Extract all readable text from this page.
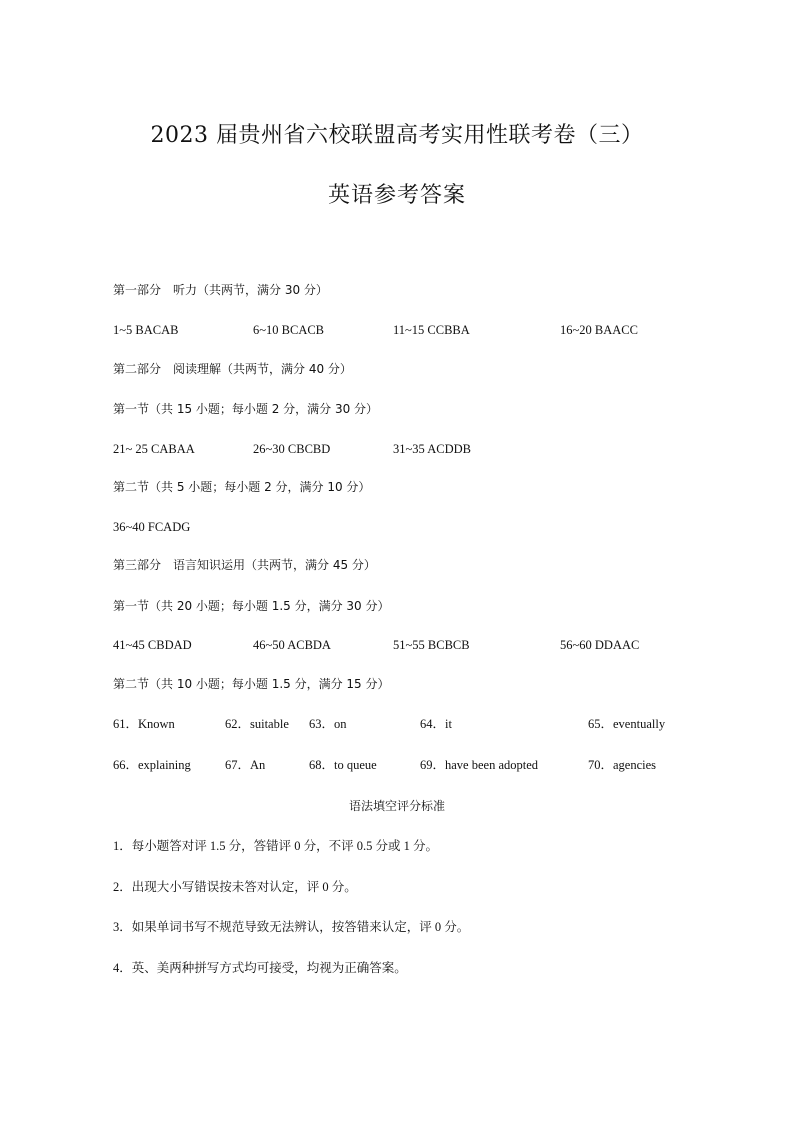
2023 届贵州省六校联盟高考实用性联考卷（三）
英语参考答案
第一部分　听力（共两节，满分 30 分）
1~5 BACAB	6~10 BCACB	11~15 CCBBA	16~20 BAACC
第二部分　阅读理解（共两节，满分 40 分）
第一节（共 15 小题；每小题 2 分，满分 30 分）
21~ 25 CABAA	26~30 CBCBD	31~35 ACDDB
第二节（共 5 小题；每小题 2 分，满分 10 分）
36~40 FCADG
第三部分　语言知识运用（共两节，满分 45 分）
第一节（共 20 小题；每小题 1.5 分，满分 30 分）
41~45 CBDAD	46~50 ACBDA	51~55 BCBCB	56~60 DDAAC
第二节（共 10 小题；每小题 1.5 分，满分 15 分）
61．Known	62．suitable 63．on	64．it	65．eventually
66．explaining	67．An	68．to queue	69．have been adopted	70．agencies
语法填空评分标准
1．每小题答对评 1.5 分，答错评 0 分，不评 0.5 分或 1 分。
2．出现大小写错误按未答对认定，评 0 分。
3．如果单词书写不规范导致无法辨认，按答错来认定，评 0 分。
4．英、美两种拼写方式均可接受，均视为正确答案。
